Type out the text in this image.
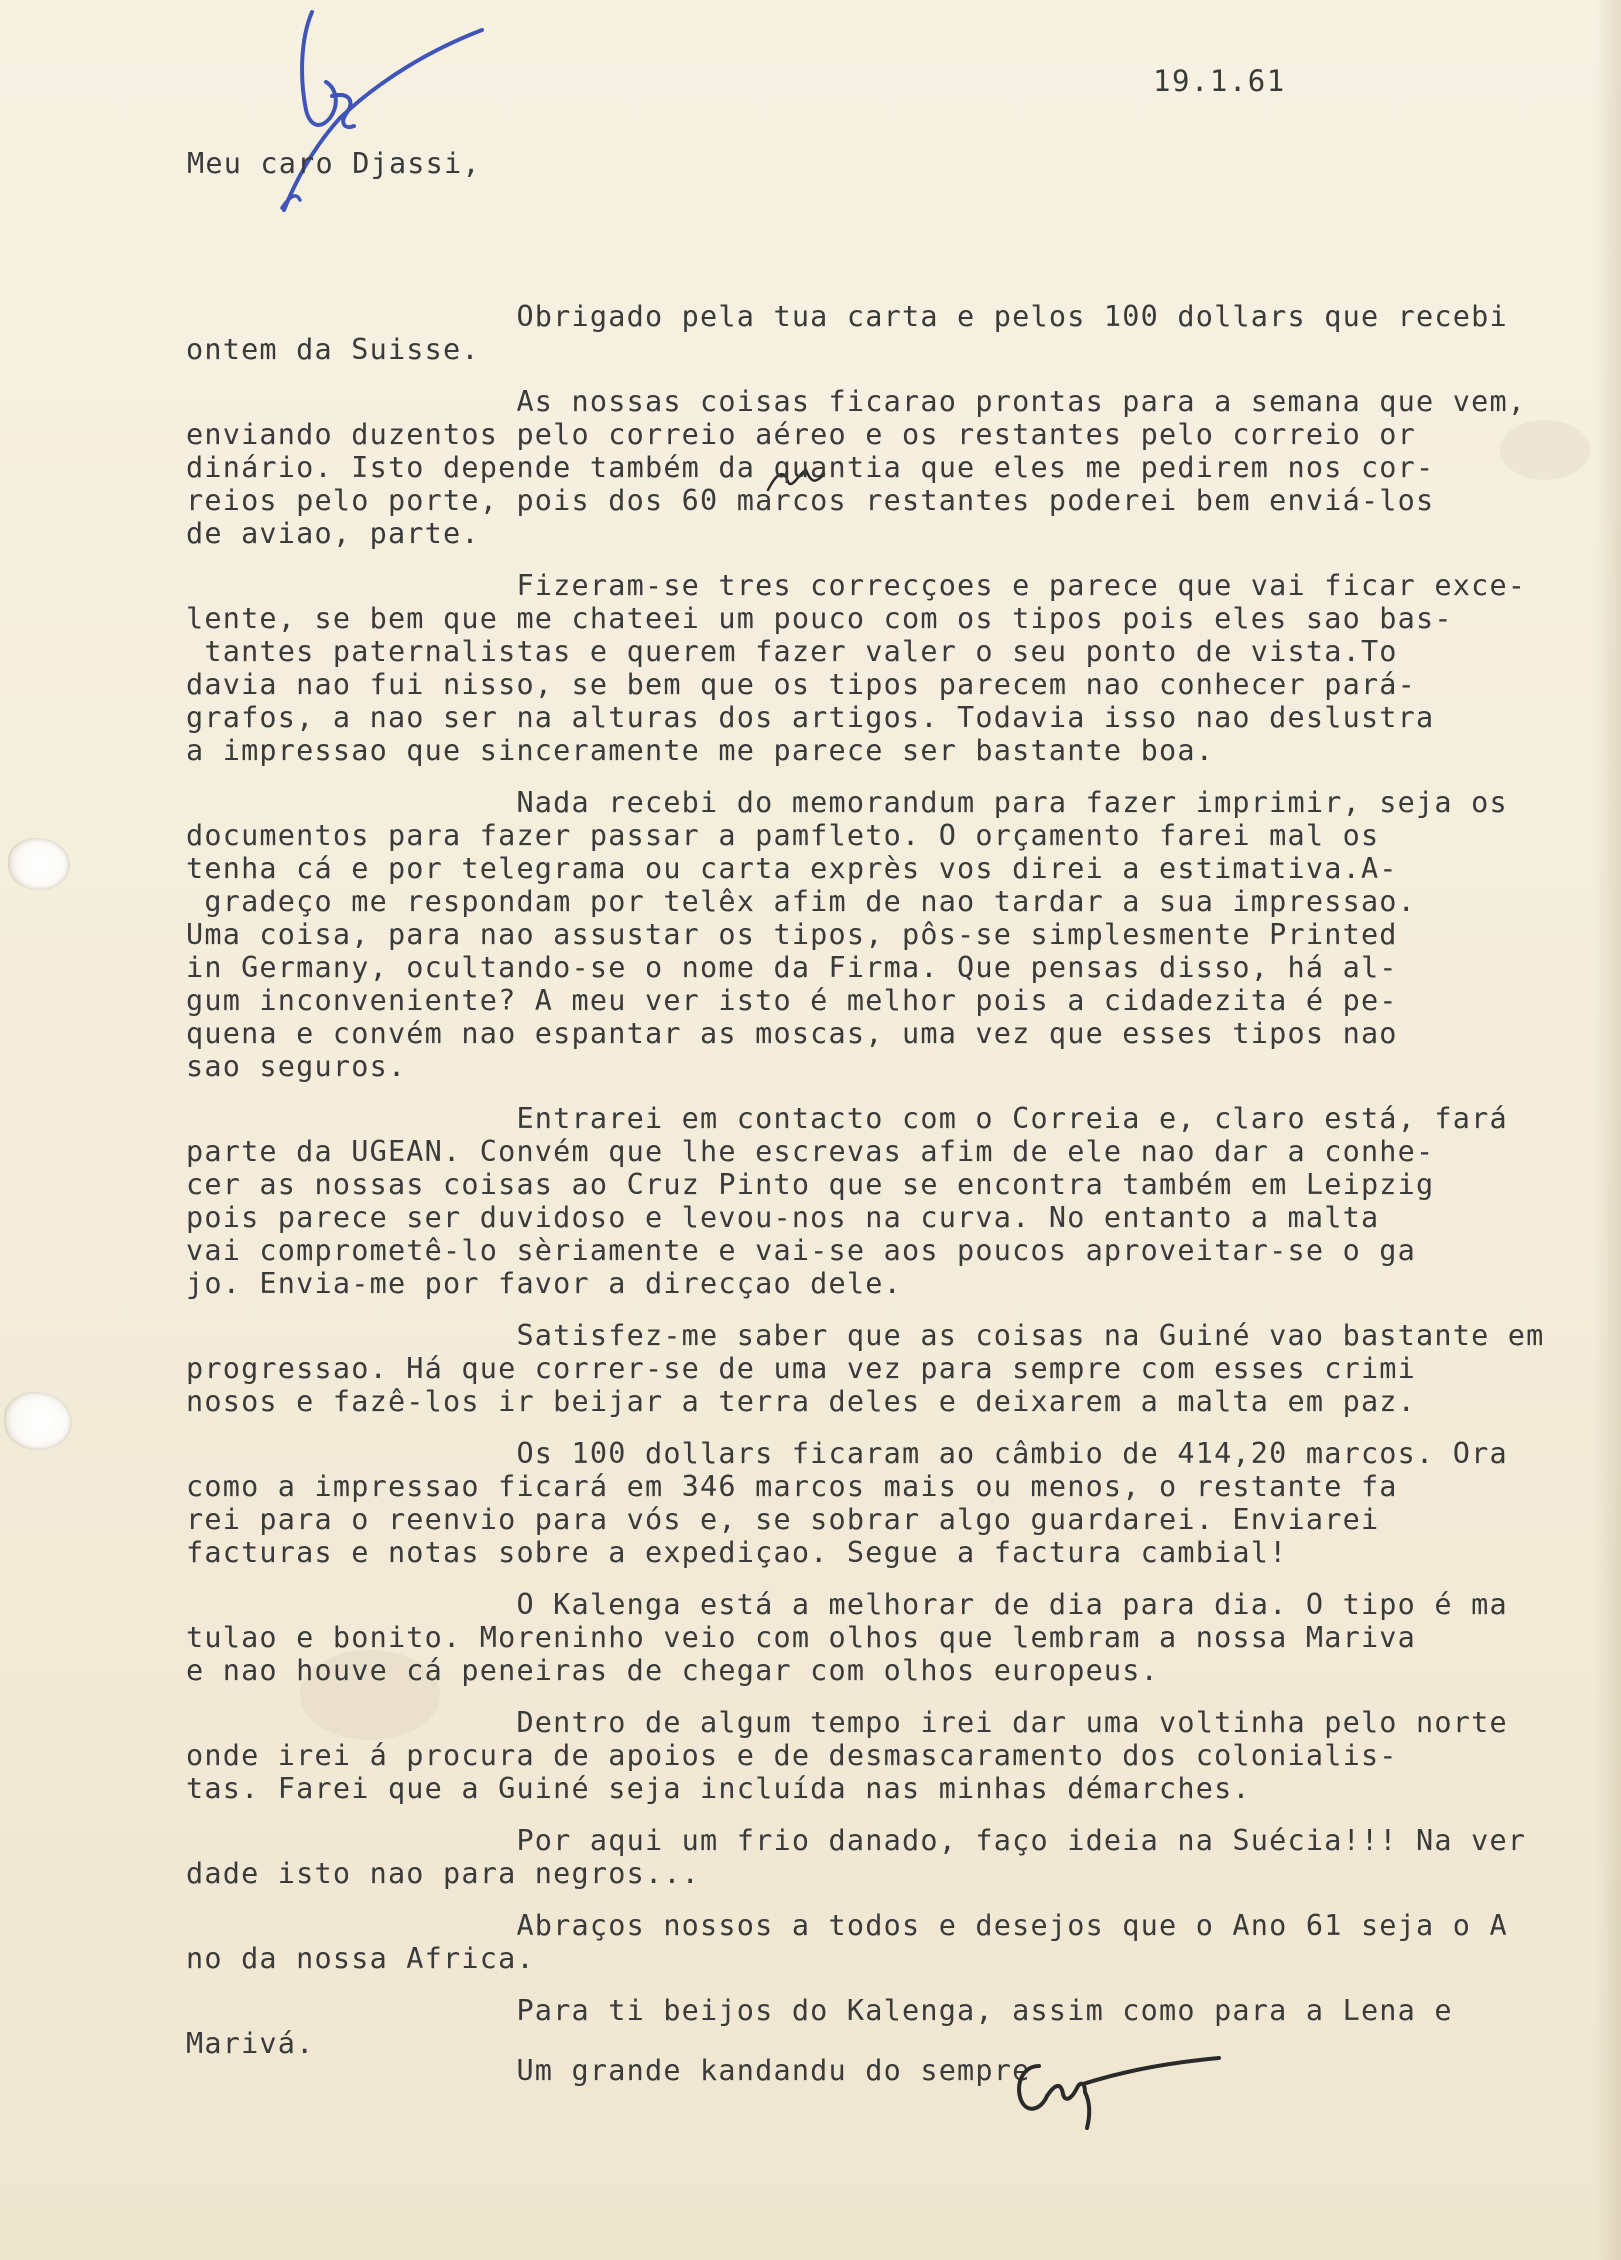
19.1.61
Meu caro Djassi,
Obrigado pela tua carta e pelos 100 dollars que recebi
ontem da Suisse.
As nossas coisas ficarao prontas para a semana que vem,
enviando duzentos pelo correio aéreo e os restantes pelo correio or
dinário. Isto depende também da quantia que eles me pedirem nos cor-
reios pelo porte, pois dos 60 marcos restantes poderei bem enviá-los
de aviao, parte.
Fizeram-se tres correcçoes e parece que vai ficar exce-
lente, se bem que me chateei um pouco com os tipos pois eles sao bas-
tantes paternalistas e querem fazer valer o seu ponto de vista.To
davia nao fui nisso, se bem que os tipos parecem nao conhecer pará-
grafos, a nao ser na alturas dos artigos. Todavia isso nao deslustra
a impressao que sinceramente me parece ser bastante boa.
Nada recebi do memorandum para fazer imprimir, seja os
documentos para fazer passar a pamfleto. O orçamento farei mal os
tenha cá e por telegrama ou carta exprès vos direi a estimativa.A-
gradeço me respondam por telêx afim de nao tardar a sua impressao.
Uma coisa, para nao assustar os tipos, pôs-se simplesmente Printed
in Germany, ocultando-se o nome da Firma. Que pensas disso, há al-
gum inconveniente? A meu ver isto é melhor pois a cidadezita é pe-
quena e convém nao espantar as moscas, uma vez que esses tipos nao
sao seguros.
Entrarei em contacto com o Correia e, claro está, fará
parte da UGEAN. Convém que lhe escrevas afim de ele nao dar a conhe-
cer as nossas coisas ao Cruz Pinto que se encontra também em Leipzig
pois parece ser duvidoso e levou-nos na curva. No entanto a malta
vai comprometê-lo sèriamente e vai-se aos poucos aproveitar-se o ga
jo. Envia-me por favor a direcçao dele.
Satisfez-me saber que as coisas na Guiné vao bastante em
progressao. Há que correr-se de uma vez para sempre com esses crimi
nosos e fazê-los ir beijar a terra deles e deixarem a malta em paz.
Os 100 dollars ficaram ao câmbio de 414,20 marcos. Ora
como a impressao ficará em 346 marcos mais ou menos, o restante fa
rei para o reenvio para vós e, se sobrar algo guardarei. Enviarei
facturas e notas sobre a expediçao. Segue a factura cambial!
O Kalenga está a melhorar de dia para dia. O tipo é ma
tulao e bonito. Moreninho veio com olhos que lembram a nossa Mariva
e nao houve cá peneiras de chegar com olhos europeus.
Dentro de algum tempo irei dar uma voltinha pelo norte
onde irei á procura de apoios e de desmascaramento dos colonialis-
tas. Farei que a Guiné seja incluída nas minhas démarches.
Por aqui um frio danado, faço ideia na Suécia!!! Na ver
dade isto nao para negros...
Abraços nossos a todos e desejos que o Ano 61 seja o A
no da nossa Africa.
Para ti beijos do Kalenga, assim como para a Lena e
Marivá.
Um grande kandandu do sempre
